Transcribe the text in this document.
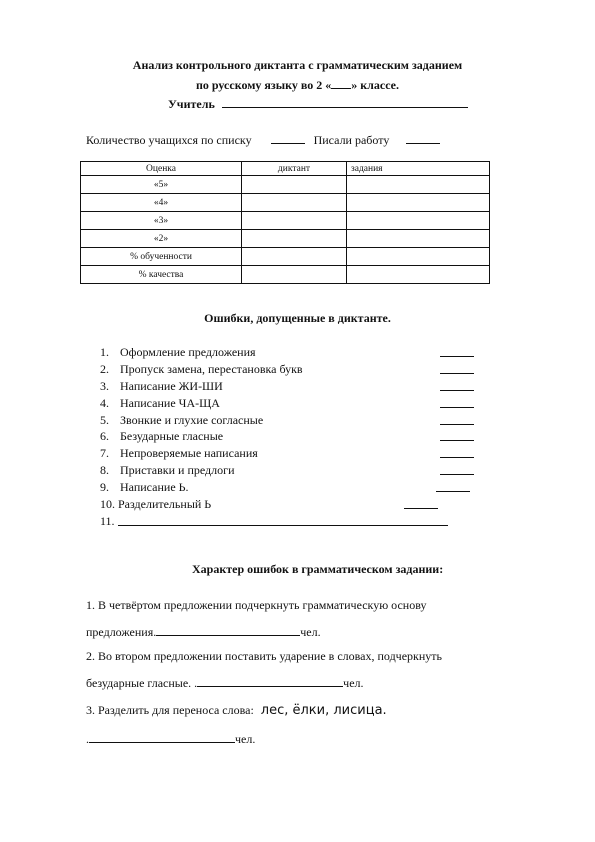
Анализ контрольного диктанта с грамматическим заданием
по русскому языку во 2 « » классе.
Учитель
Количество учащихся по списку	Писали работу
Оценка	диктант	задания
«5»		
«4»		
«3»		
«2»		
% обученности		
% качества		
Ошибки, допущенные в диктанте.
1. Оформление предложения
2. Пропуск замена, перестановка букв
3. Написание ЖИ-ШИ
4. Написание ЧА-ЩА
5. Звонкие и глухие согласные
6. Безударные гласные
7. Непроверяемые написания
8. Приставки и предлоги
9. Написание Ь.
10. Разделительный Ь
11.
Характер ошибок в грамматическом задании:
1. В четвёртом предложении подчеркнуть грамматическую основу
предложения.	чел.
2. Во втором предложении поставить ударение в словах, подчеркнуть
безударные гласные. .	чел.
3. Разделить для переноса слова: лес, ёлки, лисица.
.	чел.
